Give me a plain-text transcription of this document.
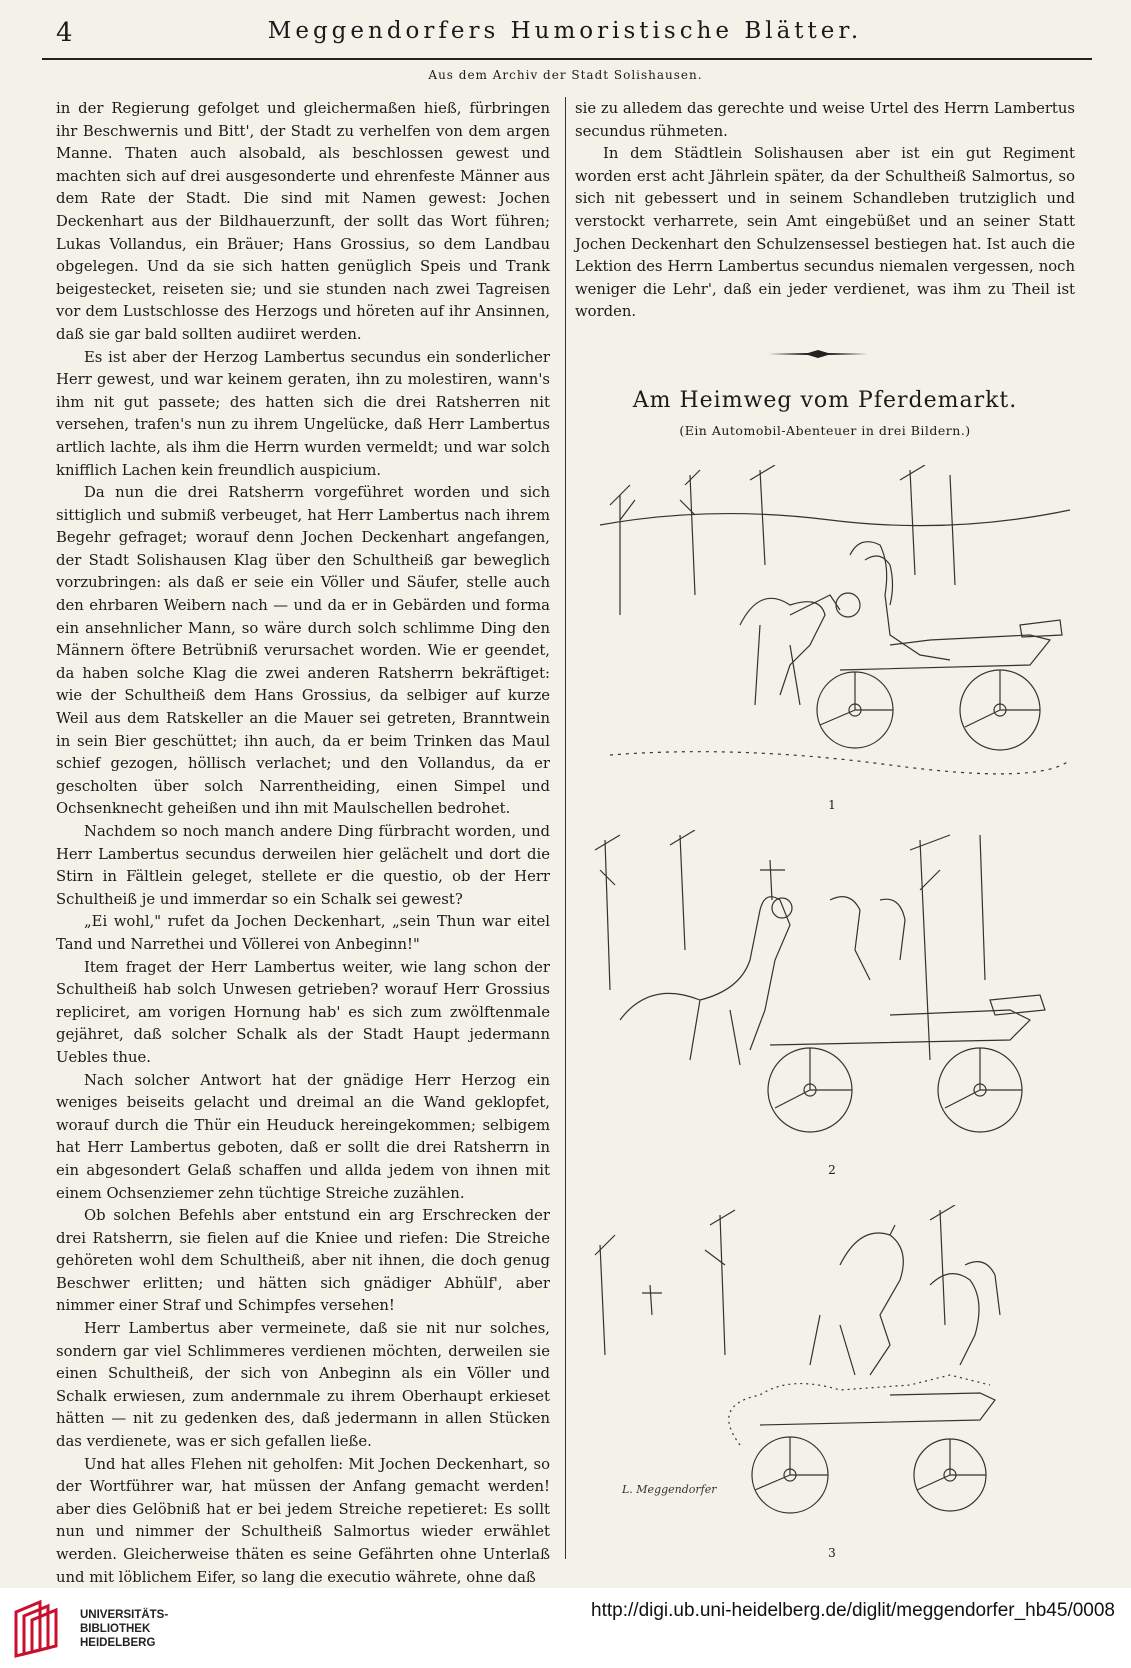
4	Meggendorfers Humoristische Blätter.
Aus dem Archiv der Stadt Solishausen.

in der Regierung gefolget und gleichermaßen hieß, fürbringen ihr Beschwernis und Bitt', der Stadt zu verhelfen von dem argen Manne. Thaten auch alsobald, als beschlossen gewest und machten sich auf drei ausgesonderte und ehrenfeste Männer aus dem Rate der Stadt. Die sind mit Namen gewest: Jochen Deckenhart aus der Bildhauerzunft, der sollt das Wort führen; Lukas Vollandus, ein Bräuer; Hans Grossius, so dem Landbau obgelegen. Und da sie sich hatten genüglich Speis und Trank beigestecket, reiseten sie; und sie stunden nach zwei Tagreisen vor dem Lustschlosse des Herzogs und höreten auf ihr Ansinnen, daß sie gar bald sollten audiiret werden.

Es ist aber der Herzog Lambertus secundus ein sonderlicher Herr gewest, und war keinem geraten, ihn zu molestiren, wann's ihm nit gut passete; des hatten sich die drei Ratsherren nit versehen, trafen's nun zu ihrem Ungelücke, daß Herr Lambertus artlich lachte, als ihm die Herrn wurden vermeldt; und war solch knifflich Lachen kein freundlich auspicium.

Da nun die drei Ratsherrn vorgeführet worden und sich sittiglich und submiß verbeuget, hat Herr Lambertus nach ihrem Begehr gefraget; worauf denn Jochen Deckenhart angefangen, der Stadt Solishausen Klag über den Schultheiß gar beweglich vorzubringen: als daß er seie ein Völler und Säufer, stelle auch den ehrbaren Weibern nach — und da er in Gebärden und forma ein ansehnlicher Mann, so wäre durch solch schlimme Ding den Männern öftere Betrübniß verursachet worden. Wie er geendet, da haben solche Klag die zwei anderen Ratsherrn bekräftiget: wie der Schultheiß dem Hans Grossius, da selbiger auf kurze Weil aus dem Ratskeller an die Mauer sei getreten, Branntwein in sein Bier geschüttet; ihn auch, da er beim Trinken das Maul schief gezogen, höllisch verlachet; und den Vollandus, da er gescholten über solch Narrentheiding, einen Simpel und Ochsenknecht geheißen und ihn mit Maulschellen bedrohet.

Nachdem so noch manch andere Ding fürbracht worden, und Herr Lambertus secundus derweilen hier gelächelt und dort die Stirn in Fältlein geleget, stellete er die questio, ob der Herr Schultheiß je und immerdar so ein Schalk sei gewest?

„Ei wohl," rufet da Jochen Deckenhart, „sein Thun war eitel Tand und Narrethei und Völlerei von Anbeginn!"

Item fraget der Herr Lambertus weiter, wie lang schon der Schultheiß hab solch Unwesen getrieben? worauf Herr Grossius repliciret, am vorigen Hornung hab' es sich zum zwölftenmale gejähret, daß solcher Schalk als der Stadt Haupt jedermann Uebles thue.

Nach solcher Antwort hat der gnädige Herr Herzog ein weniges beiseits gelacht und dreimal an die Wand geklopfet, worauf durch die Thür ein Heuduck hereingekommen; selbigem hat Herr Lambertus geboten, daß er sollt die drei Ratsherrn in ein abgesondert Gelaß schaffen und allda jedem von ihnen mit einem Ochsenziemer zehn tüchtige Streiche zuzählen.

Ob solchen Befehls aber entstund ein arg Erschrecken der drei Ratsherrn, sie fielen auf die Kniee und riefen: Die Streiche gehöreten wohl dem Schultheiß, aber nit ihnen, die doch genug Beschwer erlitten; und hätten sich gnädiger Abhülf', aber nimmer einer Straf und Schimpfes versehen!

Herr Lambertus aber vermeinete, daß sie nit nur solches, sondern gar viel Schlimmeres verdienen möchten, derweilen sie einen Schultheiß, der sich von Anbeginn als ein Völler und Schalk erwiesen, zum andernmale zu ihrem Oberhaupt erkieset hätten — nit zu gedenken des, daß jedermann in allen Stücken das verdienete, was er sich gefallen ließe.

Und hat alles Flehen nit geholfen: Mit Jochen Deckenhart, so der Wortführer war, hat müssen der Anfang gemacht werden! aber dies Gelöbniß hat er bei jedem Streiche repetieret: Es sollt nun und nimmer der Schultheiß Salmortus wieder erwählet werden. Gleicherweise thäten es seine Gefährten ohne Unterlaß und mit löblichem Eifer, so lang die executio währete, ohne daß

sie zu alledem das gerechte und weise Urtel des Herrn Lambertus secundus rühmeten.

In dem Städtlein Solishausen aber ist ein gut Regiment worden erst acht Jährlein später, da der Schultheiß Salmortus, so sich nit gebessert und in seinem Schandleben trutziglich und verstockt verharrete, sein Amt eingebüßet und an seiner Statt Jochen Deckenhart den Schulzensessel bestiegen hat. Ist auch die Lektion des Herrn Lambertus secundus niemalen vergessen, noch weniger die Lehr', daß ein jeder verdienet, was ihm zu Theil ist worden.

Am Heimweg vom Pferdemarkt.
(Ein Automobil-Abenteuer in drei Bildern.)
1
2
L. Meggendorfer
3
UNIVERSITÄTS-
BIBLIOTHEK
HEIDELBERG
http://digi.ub.uni-heidelberg.de/diglit/meggendorfer_hb45/0008
